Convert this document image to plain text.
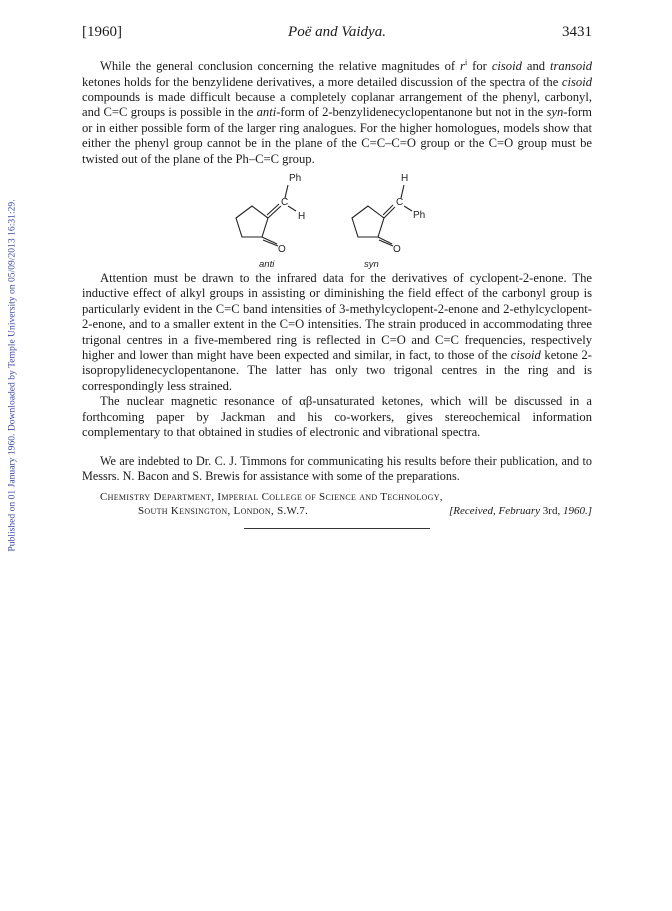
Published on 01 January 1960. Downloaded by Temple University on 05/09/2013 16:31:29.
[1960]	Poë and Vaidya.	3431

While the general conclusion concerning the relative magnitudes of $r^i$ for cisoid and transoid ketones holds for the benzylidene derivatives, a more detailed discussion of the spectra of the cisoid compounds is made difficult because a completely coplanar arrangement of the phenyl, carbonyl, and C=C groups is possible in the anti-form of 2-benzylidenecyclopentanone but not in the syn-form or in either possible form of the larger ring analogues. For the higher homologues, models show that either the phenyl group cannot be in the plane of the C=C–C=O group or the C=O group must be twisted out of the plane of the Ph–C=C group.

Ph
C
H
O
anti
H
C
Ph
O
syn

Attention must be drawn to the infrared data for the derivatives of cyclopent-2-enone. The inductive effect of alkyl groups in assisting or diminishing the field effect of the carbonyl group is particularly evident in the C=C band intensities of 3-methylcyclopent-2-enone and 2-ethylcyclopent-2-enone, and to a smaller extent in the C=O intensities. The strain produced in accommodating three trigonal centres in a five-membered ring is reflected in C=O and C=C frequencies, respectively higher and lower than might have been expected and similar, in fact, to those of the cisoid ketone 2-isopropylidenecyclopentanone. The latter has only two trigonal centres in the ring and is correspondingly less strained.

The nuclear magnetic resonance of αβ-unsaturated ketones, which will be discussed in a forthcoming paper by Jackman and his co-workers, gives stereochemical information complementary to that obtained in studies of electronic and vibrational spectra.

We are indebted to Dr. C. J. Timmons for communicating his results before their publication, and to Messrs. N. Bacon and S. Brewis for assistance with some of the preparations.

Chemistry Department, Imperial College of Science and Technology,
South Kensington, London, S.W.7.	[Received, February 3rd, 1960.]
